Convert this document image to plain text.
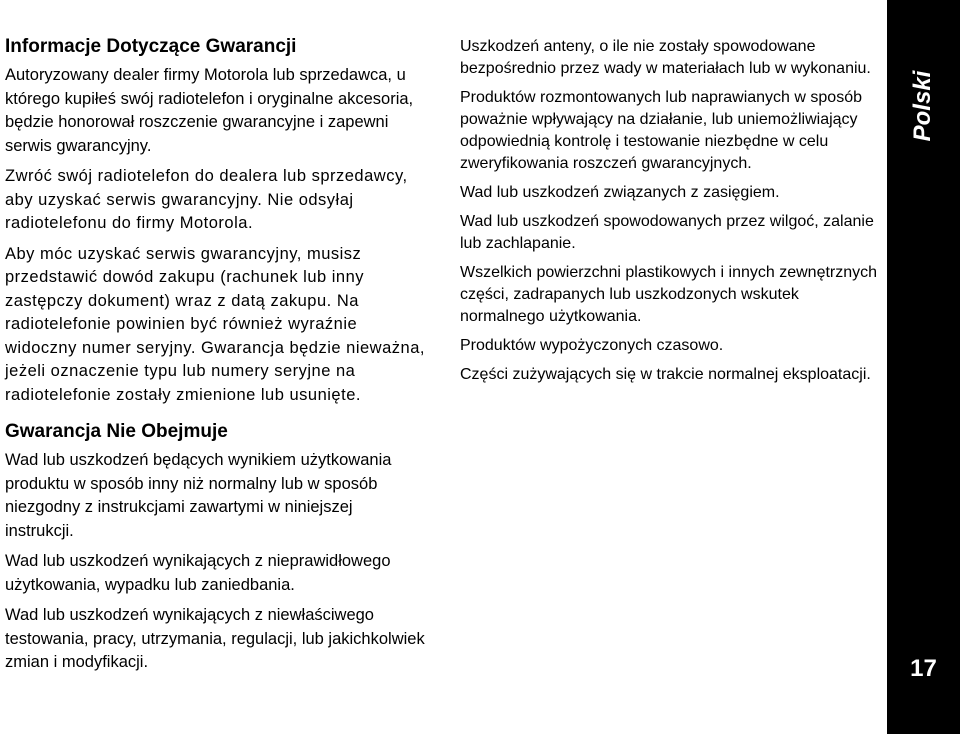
Informacje Dotyczące Gwarancji

Autoryzowany dealer firmy Motorola lub sprzedawca, u którego kupiłeś swój radiotelefon i oryginalne akcesoria, będzie honorował roszczenie gwarancyjne i zapewni serwis gwarancyjny.

Zwróć swój radiotelefon do dealera lub sprzedawcy, aby uzyskać serwis gwarancyjny. Nie odsyłaj radiotelefonu do firmy Motorola.

Aby móc uzyskać serwis gwarancyjny, musisz przedstawić dowód zakupu (rachunek lub inny zastępczy dokument) wraz z datą zakupu. Na radiotelefonie powinien być również wyraźnie widoczny numer seryjny. Gwarancja będzie nieważna, jeżeli oznaczenie typu lub numery seryjne na radiotelefonie zostały zmienione lub usunięte.

Gwarancja Nie Obejmuje

Wad lub uszkodzeń będących wynikiem użytkowania produktu w sposób inny niż normalny lub w sposób niezgodny z instrukcjami zawartymi w niniejszej instrukcji.

Wad lub uszkodzeń wynikających z nieprawidłowego użytkowania, wypadku lub zaniedbania.

Wad lub uszkodzeń wynikających z niewłaściwego testowania, pracy, utrzymania, regulacji, lub jakichkolwiek zmian i modyfikacji.

Uszkodzeń anteny, o ile nie zostały spowodowane bezpośrednio przez wady w materiałach lub w wykonaniu.

Produktów rozmontowanych lub naprawianych w sposób poważnie wpływający na działanie, lub uniemożliwiający odpowiednią kontrolę i testowanie niezbędne w celu zweryfikowania roszczeń gwarancyjnych.

Wad lub uszkodzeń związanych z zasięgiem.

Wad lub uszkodzeń spowodowanych przez wilgoć, zalanie lub zachlapanie.

Wszelkich powierzchni plastikowych i innych zewnętrznych części, zadrapanych lub uszkodzonych wskutek normalnego użytkowania.

Produktów wypożyczonych czasowo.

Części zużywających się w trakcie normalnej eksploatacji.

Polski
17
